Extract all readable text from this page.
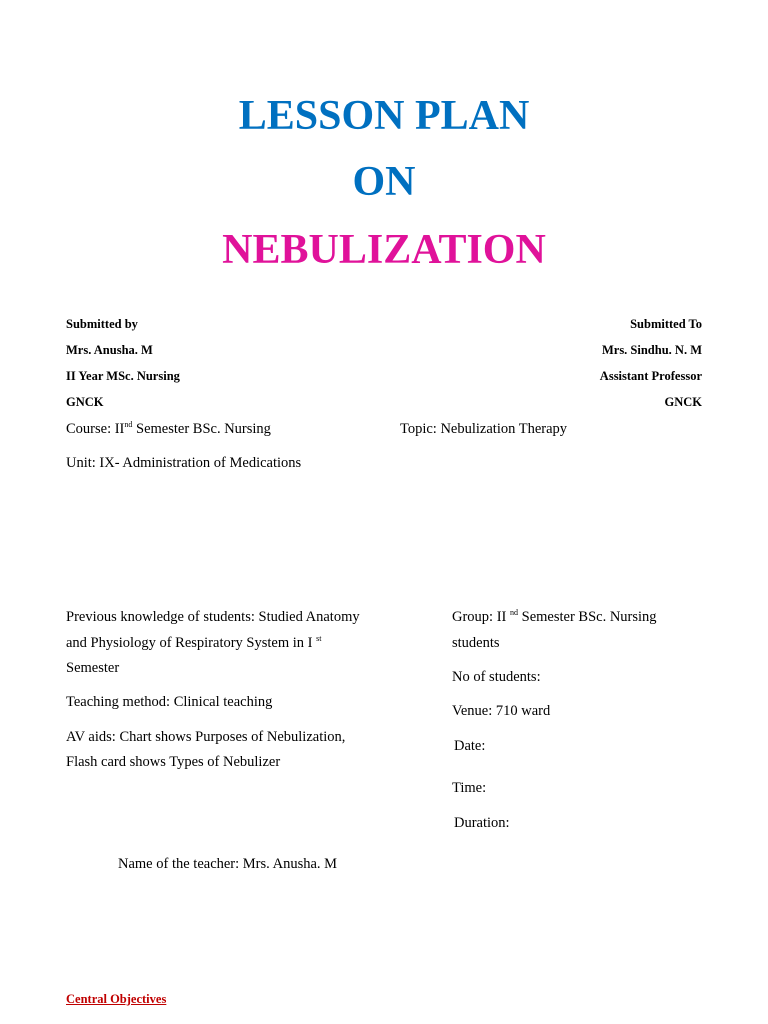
LESSON PLAN
ON
NEBULIZATION
Submitted by
Mrs. Anusha. M
II Year MSc. Nursing
GNCK
Submitted To
Mrs. Sindhu. N. M
Assistant Professor
GNCK
Course: IInd Semester BSc. Nursing	Topic: Nebulization Therapy
Unit: IX- Administration of Medications
Previous knowledge of students: Studied Anatomy
and Physiology of Respiratory System in I $^{st}$
Semester
Teaching method: Clinical teaching
AV aids: Chart shows Purposes of Nebulization,
Flash card shows Types of Nebulizer
Group: II $^{nd}$ Semester BSc. Nursing
students
No of students:
Venue: 710 ward
Date:
Time:
Duration:
Name of the teacher: Mrs. Anusha. M
Central Objectives
